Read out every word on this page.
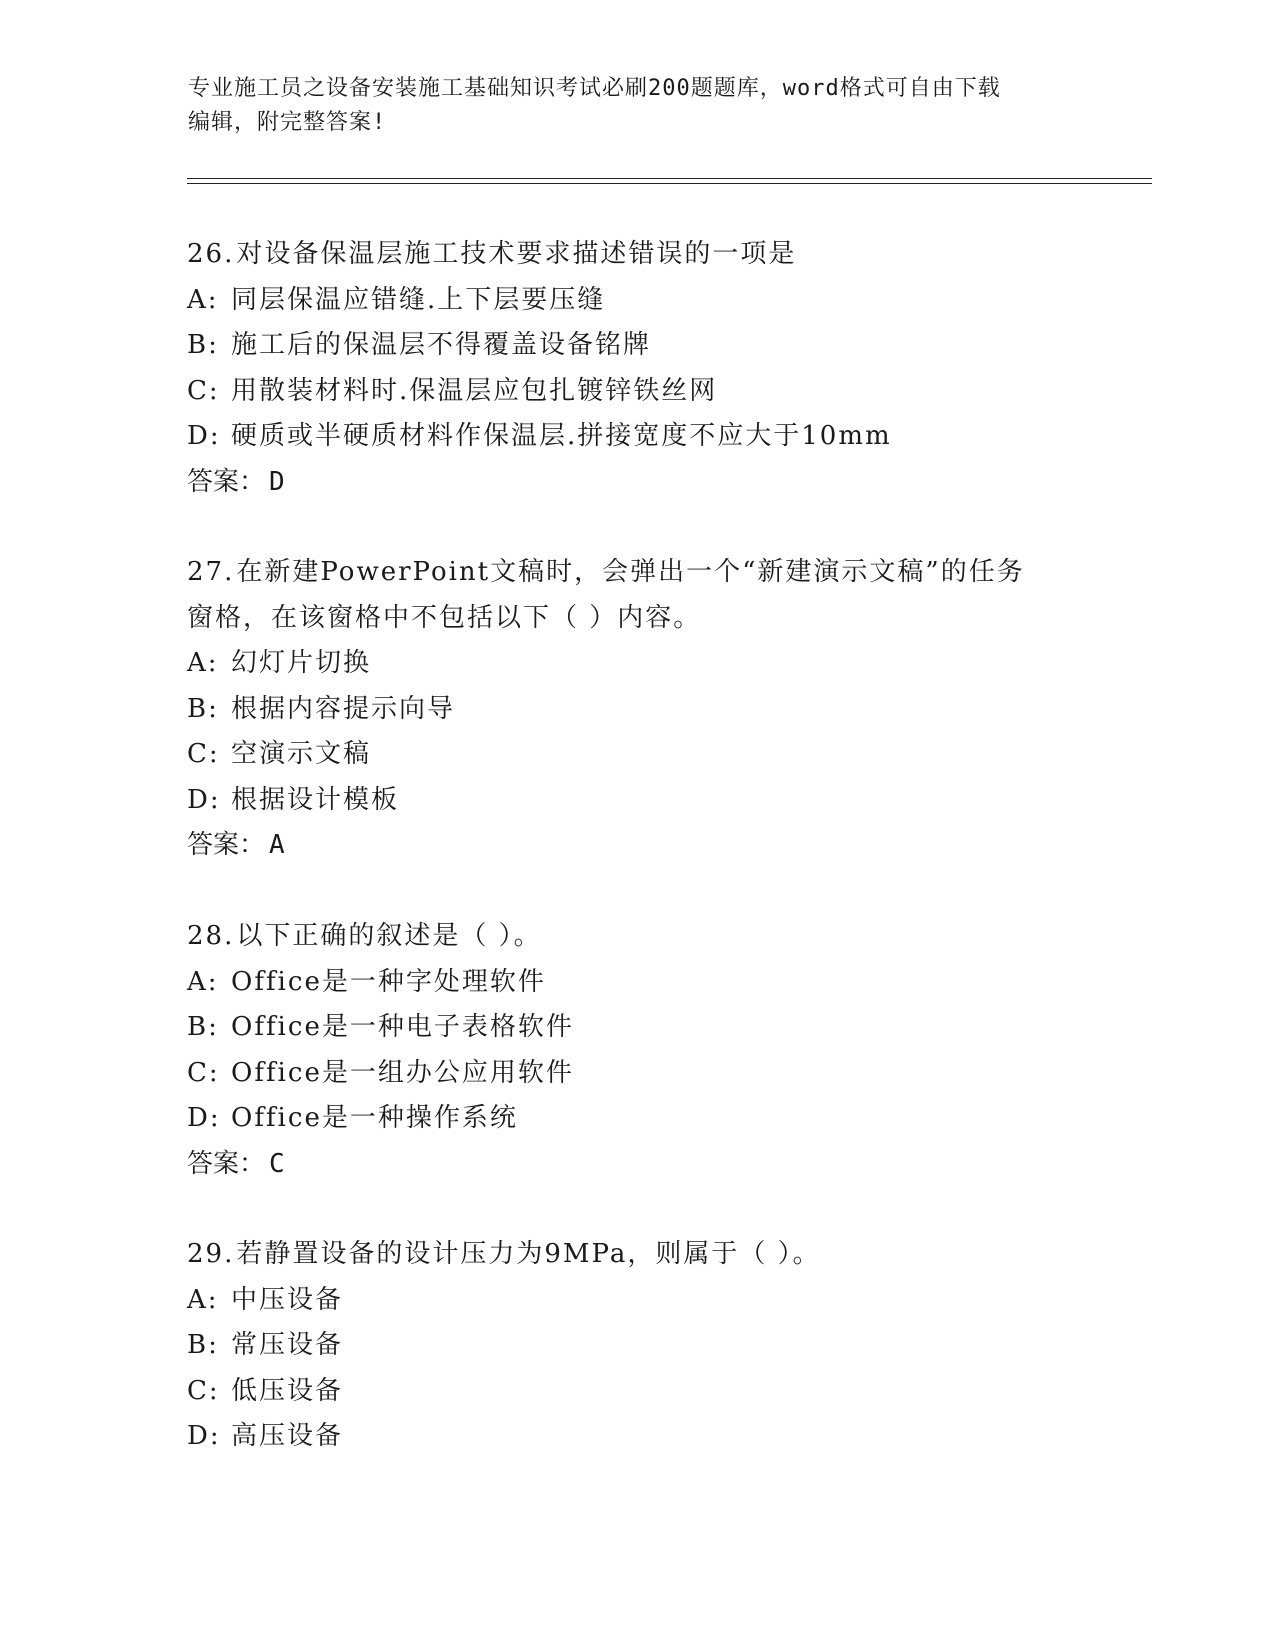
专业施工员之设备安装施工基础知识考试必刷200题题库，word格式可自由下载
编辑，附完整答案!

26.对设备保温层施工技术要求描述错误的一项是

A: 同层保温应错缝.上下层要压缝

B: 施工后的保温层不得覆盖设备铭牌

C: 用散装材料时.保温层应包扎镀锌铁丝网

D: 硬质或半硬质材料作保温层.拼接宽度不应大于10mm

答案： D

27.在新建PowerPoint文稿时，会弹出一个“新建演示文稿”的任务

窗格，在该窗格中不包括以下（ ）内容。

A: 幻灯片切换

B: 根据内容提示向导

C: 空演示文稿

D: 根据设计模板

答案： A

28.以下正确的叙述是（ ）。

A: Office是一种字处理软件

B: Office是一种电子表格软件

C: Office是一组办公应用软件

D: Office是一种操作系统

答案： C

29.若静置设备的设计压力为9MPa，则属于（ ）。

A: 中压设备

B: 常压设备

C: 低压设备

D: 高压设备
